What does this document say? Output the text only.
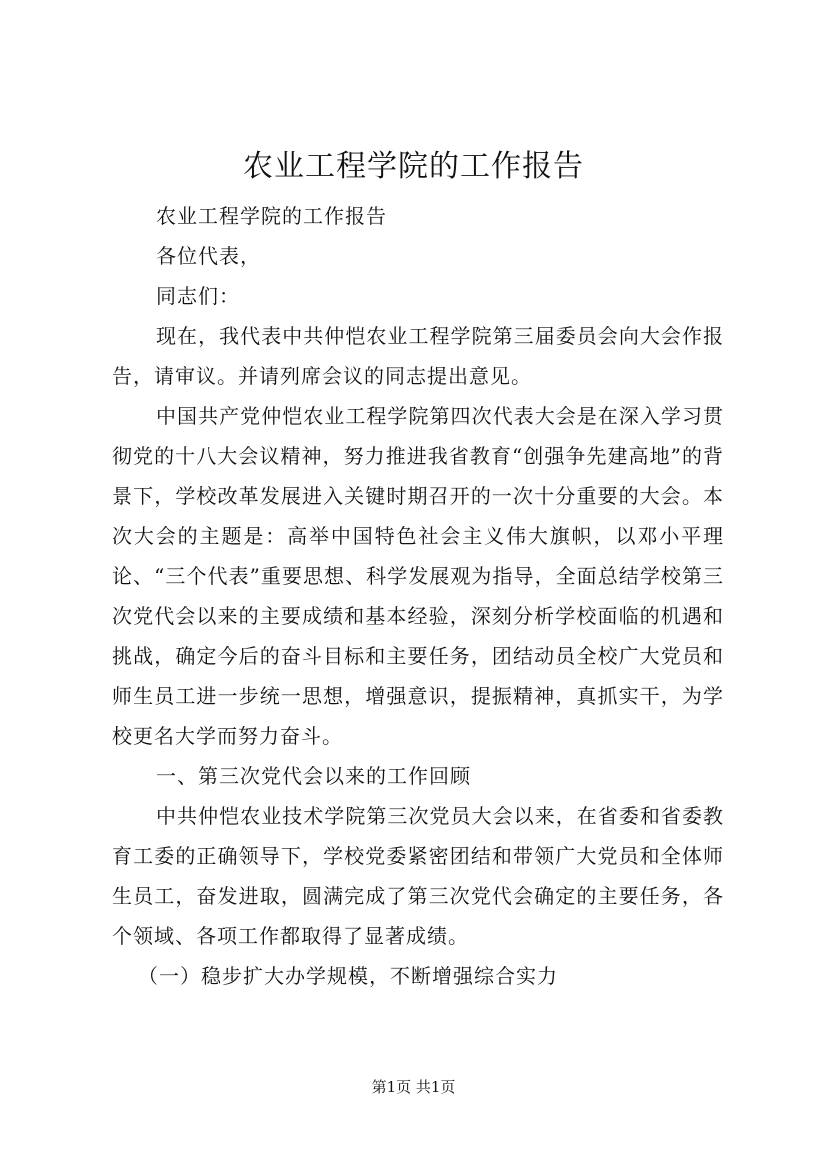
农业工程学院的工作报告

农业工程学院的工作报告

各位代表，

同志们：

现在，我代表中共仲恺农业工程学院第三届委员会向大会作报告，请审议。并请列席会议的同志提出意见。

中国共产党仲恺农业工程学院第四次代表大会是在深入学习贯彻党的十八大会议精神，努力推进我省教育“创强争先建高地”的背景下，学校改革发展进入关键时期召开的一次十分重要的大会。本次大会的主题是：高举中国特色社会主义伟大旗帜，以邓小平理论、“三个代表”重要思想、科学发展观为指导，全面总结学校第三次党代会以来的主要成绩和基本经验，深刻分析学校面临的机遇和挑战，确定今后的奋斗目标和主要任务，团结动员全校广大党员和师生员工进一步统一思想，增强意识，提振精神，真抓实干，为学校更名大学而努力奋斗。

一、第三次党代会以来的工作回顾

中共仲恺农业技术学院第三次党员大会以来，在省委和省委教育工委的正确领导下，学校党委紧密团结和带领广大党员和全体师生员工，奋发进取，圆满完成了第三次党代会确定的主要任务，各个领域、各项工作都取得了显著成绩。

（一）稳步扩大办学规模，不断增强综合实力

第1页 共1页
